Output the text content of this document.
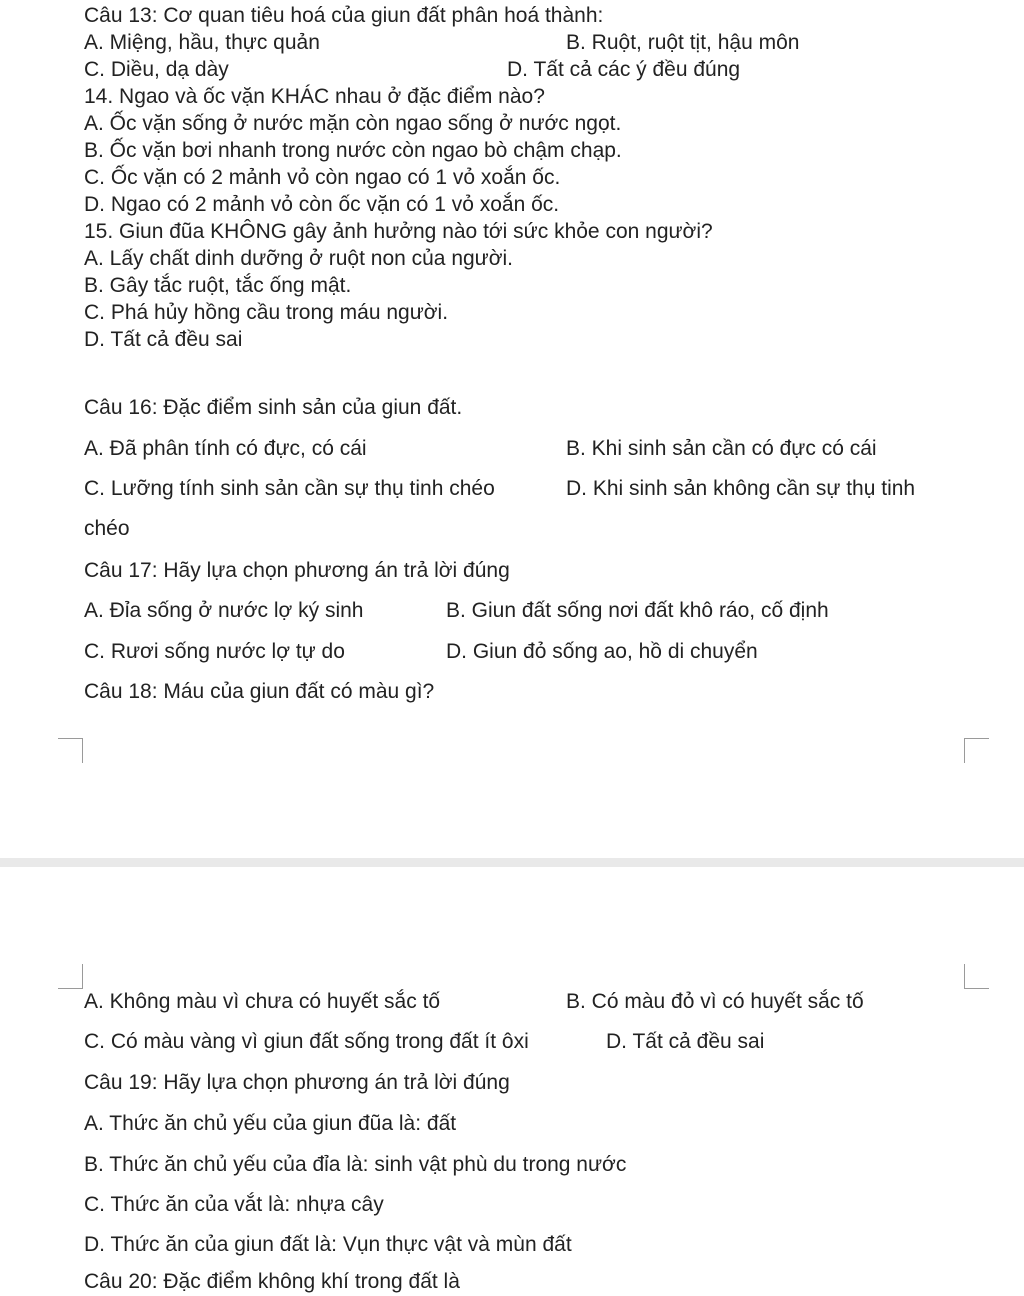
Câu 13: Cơ quan tiêu hoá của giun đất phân hoá thành:

A. Miệng, hầu, thực quản	B. Ruột, ruột tịt, hậu môn

C. Diều, dạ dày	D. Tất cả các ý đều đúng

14. Ngao và ốc vặn KHÁC nhau ở đặc điểm nào?

A. Ốc vặn sống ở nước mặn còn ngao sống ở nước ngọt.

B. Ốc vặn bơi nhanh trong nước còn ngao bò chậm chạp.

C. Ốc vặn có 2 mảnh vỏ còn ngao có 1 vỏ xoắn ốc.

D. Ngao có 2 mảnh vỏ còn ốc vặn có 1 vỏ xoắn ốc.

15. Giun đũa KHÔNG gây ảnh hưởng nào tới sức khỏe con người?

A. Lấy chất dinh dưỡng ở ruột non của người.

B. Gây tắc ruột, tắc ống mật.

C. Phá hủy hồng cầu trong máu người.

D. Tất cả đều sai

Câu 16: Đặc điểm sinh sản của giun đất.

A. Đã phân tính có đực, có cái	B. Khi sinh sản cần có đực có cái

C. Lưỡng tính sinh sản cần sự thụ tinh chéo	D. Khi sinh sản không cần sự thụ tinh

chéo

Câu 17: Hãy lựa chọn phương án trả lời đúng

A. Đỉa sống ở nước lợ ký sinh	B. Giun đất sống nơi đất khô ráo, cố định

C. Rươi sống nước lợ tự do	D. Giun đỏ sống ao, hồ di chuyển

Câu 18: Máu của giun đất có màu gì?

A. Không màu vì chưa có huyết sắc tố	B. Có màu đỏ vì có huyết sắc tố

C. Có màu vàng vì giun đất sống trong đất ít ôxi	D. Tất cả đều sai

Câu 19: Hãy lựa chọn phương án trả lời đúng

A. Thức ăn chủ yếu của giun đũa là: đất

B. Thức ăn chủ yếu của đỉa là: sinh vật phù du trong nước

C. Thức ăn của vắt là: nhựa cây

D. Thức ăn của giun đất là: Vụn thực vật và mùn đất

Câu 20: Đặc điểm không khí trong đất là
